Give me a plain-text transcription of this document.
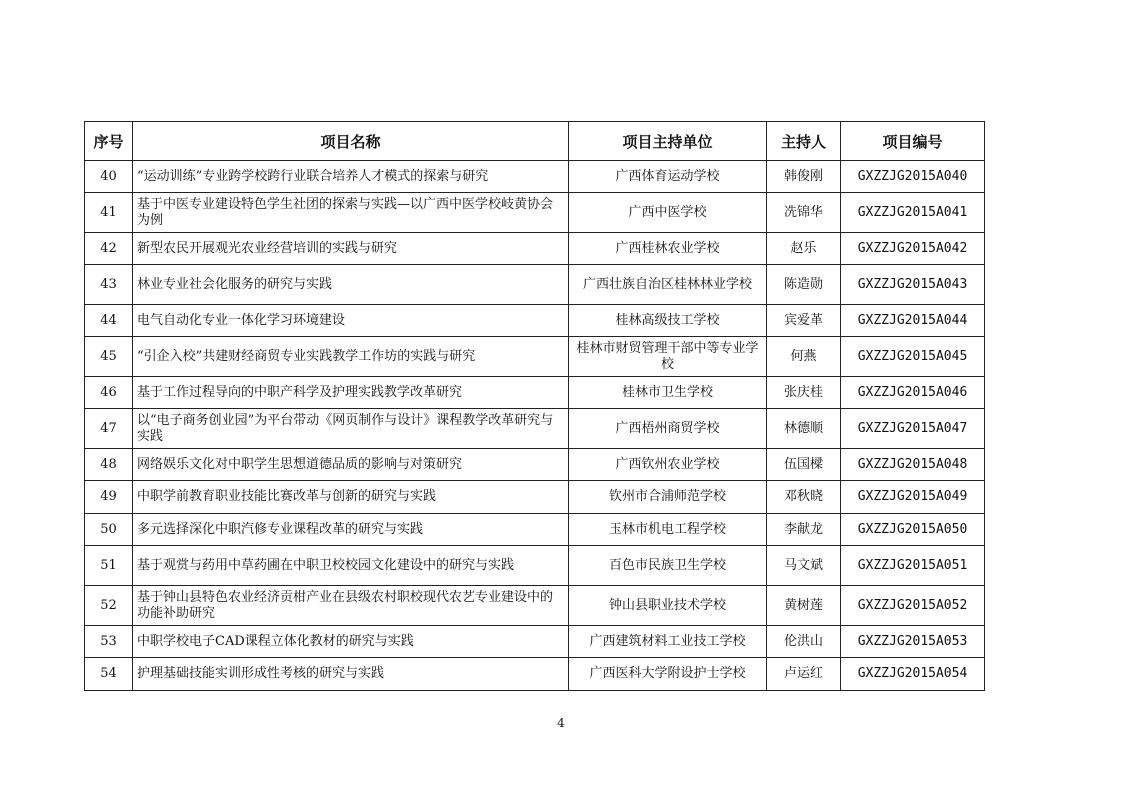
序号	项目名称	项目主持单位	主持人	项目编号
40	“运动训练”专业跨学校跨行业联合培养人才模式的探索与研究	广西体育运动学校	韩俊刚	GXZZJG2015A040
41	基于中医专业建设特色学生社团的探索与实践—以广西中医学校岐黄协会为例	广西中医学校	冼锦华	GXZZJG2015A041
42	新型农民开展观光农业经营培训的实践与研究	广西桂林农业学校	赵乐	GXZZJG2015A042
43	林业专业社会化服务的研究与实践	广西壮族自治区桂林林业学校	陈造勋	GXZZJG2015A043
44	电气自动化专业一体化学习环境建设	桂林高级技工学校	宾爱革	GXZZJG2015A044
45	“引企入校”共建财经商贸专业实践教学工作坊的实践与研究	桂林市财贸管理干部中等专业学校	何燕	GXZZJG2015A045
46	基于工作过程导向的中职产科学及护理实践教学改革研究	桂林市卫生学校	张庆桂	GXZZJG2015A046
47	以“电子商务创业园”为平台带动《网页制作与设计》课程教学改革研究与实践	广西梧州商贸学校	林德顺	GXZZJG2015A047
48	网络娱乐文化对中职学生思想道德品质的影响与对策研究	广西钦州农业学校	伍国樑	GXZZJG2015A048
49	中职学前教育职业技能比赛改革与创新的研究与实践	钦州市合浦师范学校	邓秋晓	GXZZJG2015A049
50	多元选择深化中职汽修专业课程改革的研究与实践	玉林市机电工程学校	李献龙	GXZZJG2015A050
51	基于观赏与药用中草药圃在中职卫校校园文化建设中的研究与实践	百色市民族卫生学校	马文斌	GXZZJG2015A051
52	基于钟山县特色农业经济贡柑产业在县级农村职校现代农艺专业建设中的功能补助研究	钟山县职业技术学校	黄树莲	GXZZJG2015A052
53	中职学校电子CAD课程立体化教材的研究与实践	广西建筑材料工业技工学校	伦洪山	GXZZJG2015A053
54	护理基础技能实训形成性考核的研究与实践	广西医科大学附设护士学校	卢运红	GXZZJG2015A054
4
